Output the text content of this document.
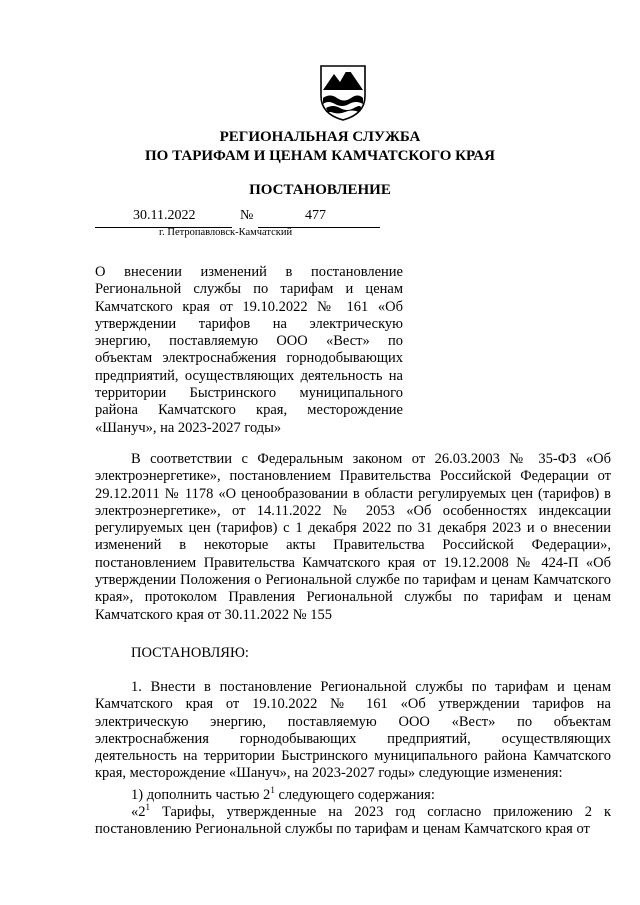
РЕГИОНАЛЬНАЯ СЛУЖБА
ПО ТАРИФАМ И ЦЕНАМ КАМЧАТСКОГО КРАЯ
ПОСТАНОВЛЕНИЕ
30.11.2022	№	477
г. Петропавловск-Камчатский
О внесении изменений в постановление Региональной службы по тарифам и ценам Камчатского края от 19.10.2022 № 161 «Об утверждении тарифов на электрическую энергию, поставляемую ООО «Вест» по объектам электроснабжения горнодобывающих предприятий, осуществляющих деятельность на территории Быстринского муниципального района Камчатского края, месторождение «Шануч», на 2023-2027 годы»
В соответствии с Федеральным законом от 26.03.2003 № 35-ФЗ «Об электроэнергетике», постановлением Правительства Российской Федерации от 29.12.2011 № 1178 «О ценообразовании в области регулируемых цен (тарифов) в электроэнергетике», от 14.11.2022 № 2053 «Об особенностях индексации регулируемых цен (тарифов) с 1 декабря 2022 по 31 декабря 2023 и о внесении изменений в некоторые акты Правительства Российской Федерации», постановлением Правительства Камчатского края от 19.12.2008 № 424-П «Об утверждении Положения о Региональной службе по тарифам и ценам Камчатского края», протоколом Правления Региональной службы по тарифам и ценам Камчатского края от 30.11.2022 № 155
ПОСТАНОВЛЯЮ:
1. Внести в постановление Региональной службы по тарифам и ценам Камчатского края от 19.10.2022 № 161 «Об утверждении тарифов на электрическую энергию, поставляемую ООО «Вест» по объектам электроснабжения горнодобывающих предприятий, осуществляющих деятельность на территории Быстринского муниципального района Камчатского края, месторождение «Шануч», на 2023-2027 годы» следующие изменения:
1) дополнить частью $2^1$ следующего содержания:
«$2^1$ Тарифы, утвержденные на 2023 год согласно приложению 2 к постановлению Региональной службы по тарифам и ценам Камчатского края от
